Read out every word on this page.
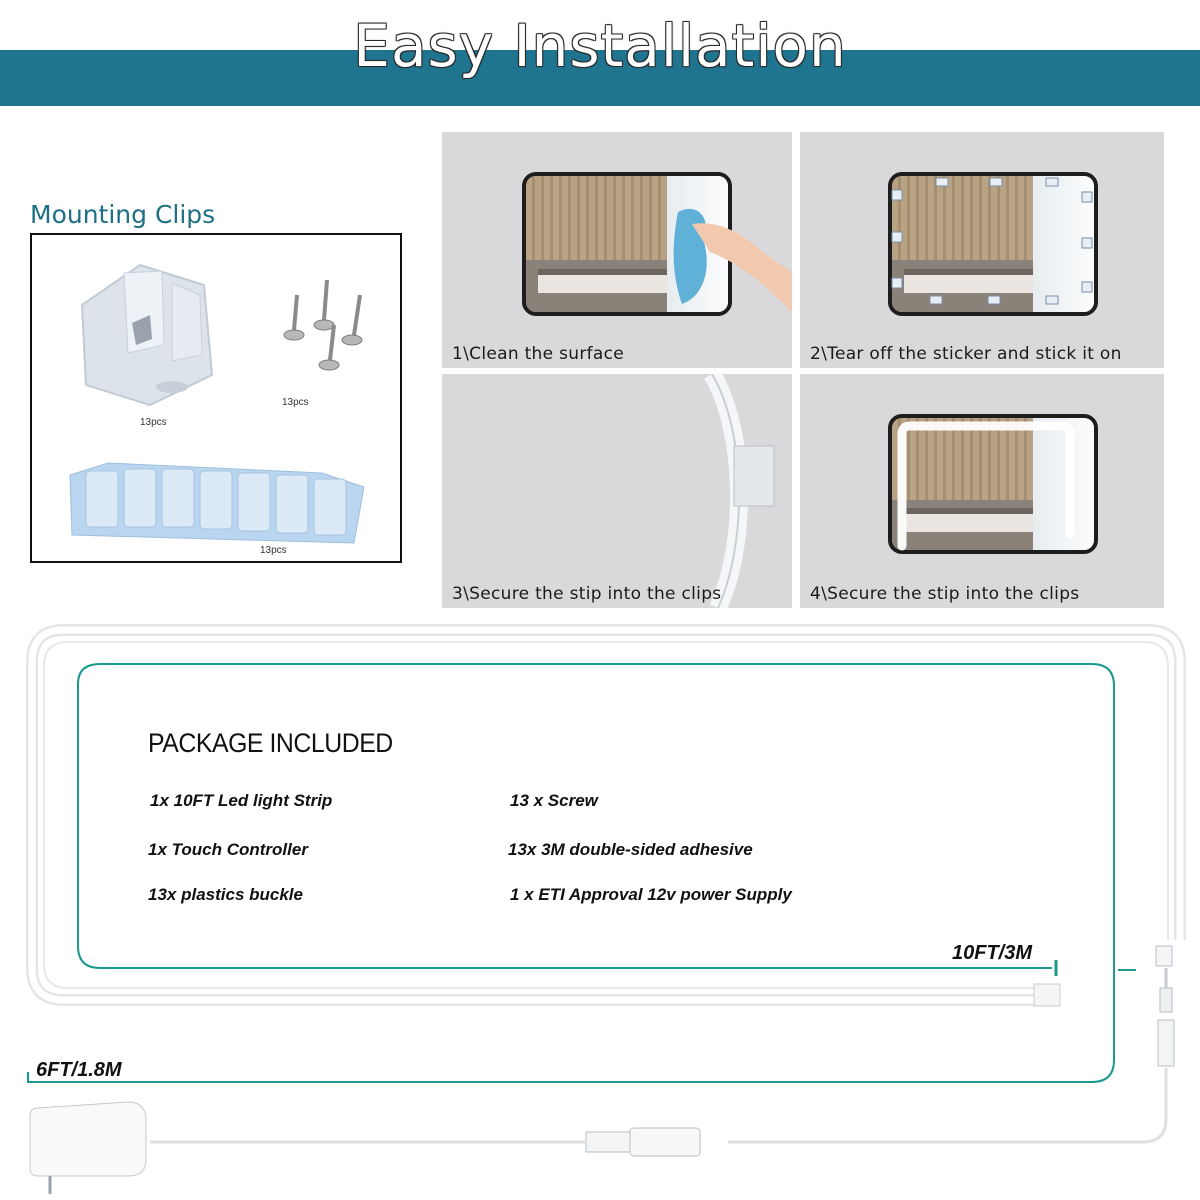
Easy Installation
Mounting Clips
13pcs
13pcs
13pcs
1\Clean the surface	2\Tear off the sticker and stick it on
3\Secure the stip into the clips	4\Secure the stip into the clips
PACKAGE INCLUDED
1x 10FT Led light Strip
1x Touch Controller
13x plastics buckle
13 x Screw
13x 3M double-sided adhesive
1 x ETI Approval 12v power Supply
10FT/3M
6FT/1.8M
